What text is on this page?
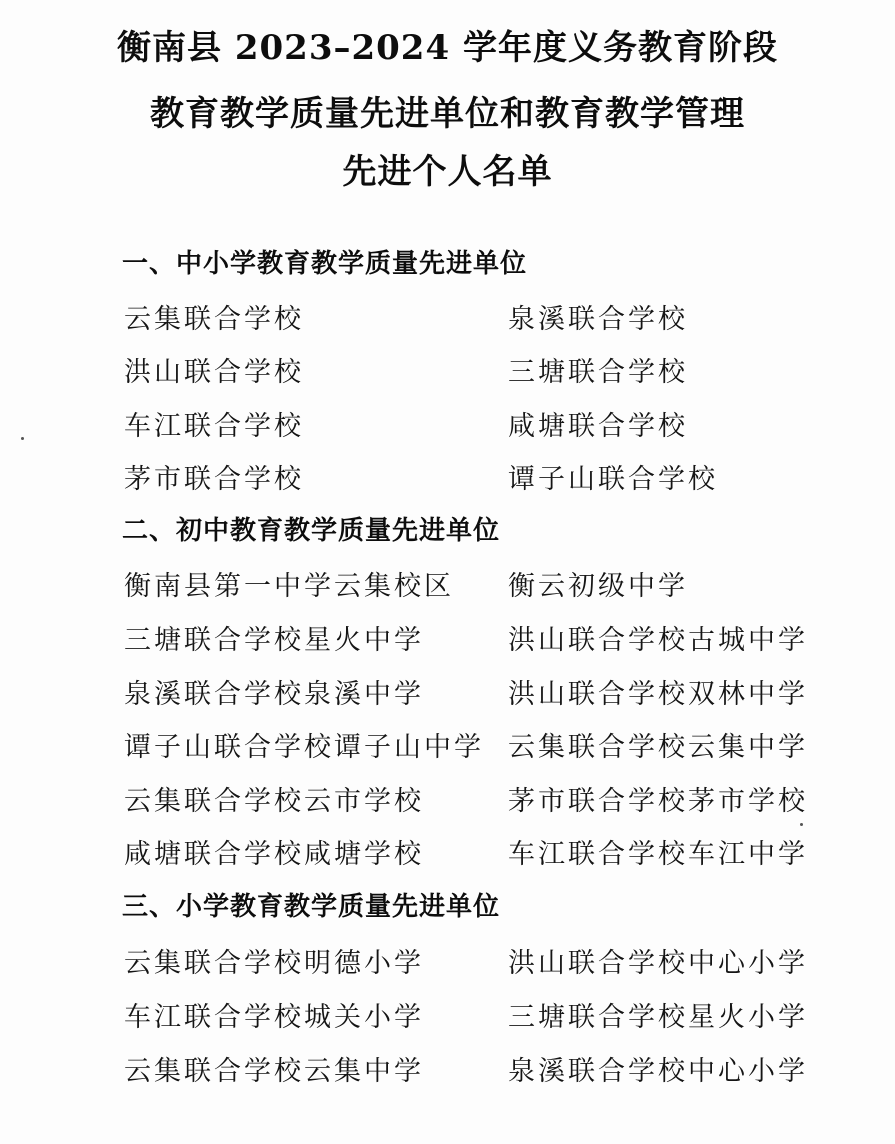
衡南县 2023–2024 学年度义务教育阶段
教育教学质量先进单位和教育教学管理
先进个人名单
一、中小学教育教学质量先进单位
云集联合学校	泉溪联合学校
洪山联合学校	三塘联合学校
车江联合学校	咸塘联合学校
茅市联合学校	谭子山联合学校
二、初中教育教学质量先进单位
衡南县第一中学云集校区 衡云初级中学
三塘联合学校星火中学	洪山联合学校古城中学
泉溪联合学校泉溪中学	洪山联合学校双林中学
谭子山联合学校谭子山中学 云集联合学校云集中学
云集联合学校云市学校	茅市联合学校茅市学校
咸塘联合学校咸塘学校	车江联合学校车江中学
三、小学教育教学质量先进单位
云集联合学校明德小学	洪山联合学校中心小学
车江联合学校城关小学	三塘联合学校星火小学
云集联合学校云集中学	泉溪联合学校中心小学
